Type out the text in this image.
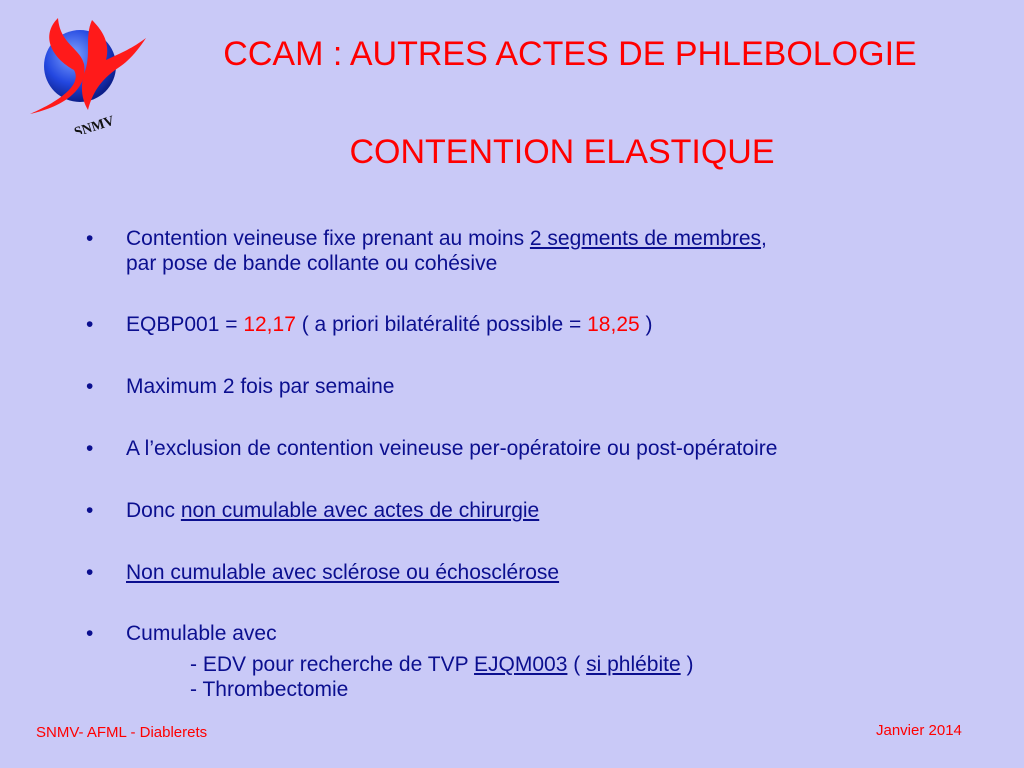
SNMV
CCAM : AUTRES ACTES DE PHLEBOLOGIE
CONTENTION ELASTIQUE
• Contention veineuse fixe prenant au moins 2 segments de membres,
par pose de bande collante ou cohésive
• EQBP001 = 12,17 ( a priori bilatéralité possible = 18,25 )
• Maximum 2 fois par semaine
• A l’exclusion de contention veineuse per-opératoire ou post-opératoire
• Donc non cumulable avec actes de chirurgie
• Non cumulable avec sclérose ou échosclérose
• Cumulable avec

- EDV pour recherche de TVP EJQM003 ( si phlébite )
- Thrombectomie
SNMV- AFML - Diablerets	Janvier 2014
